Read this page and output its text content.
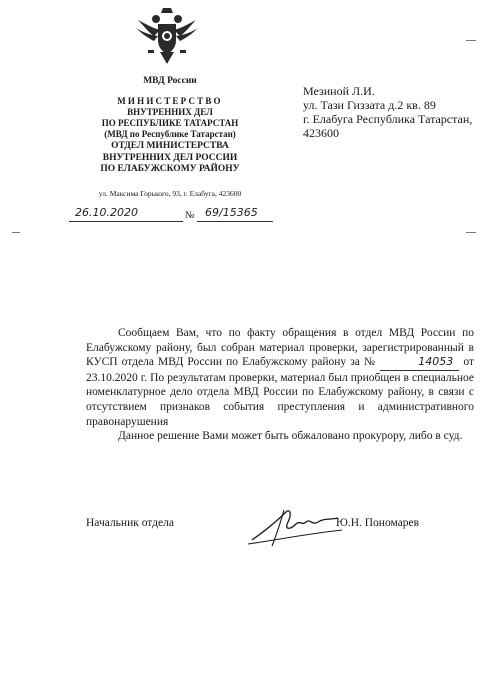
МВД России
МИНИСТЕРСТВО
ВНУТРЕННИХ ДЕЛ
ПО РЕСПУБЛИКЕ ТАТАРСТАН
(МВД по Республике Татарстан)
ОТДЕЛ МИНИСТЕРСТВА
ВНУТРЕННИХ ДЕЛ РОССИИ
ПО ЕЛАБУЖСКОМУ РАЙОНУ
ул. Максима Горького, 93, г. Елабуга, 423600
26.10.2020	№ 69/15365
Мезиной Л.И.
ул. Тази Гиззата д.2 кв. 89
г. Елабуга Республика Татарстан,
423600

Сообщаем Вам, что по факту обращения в отдел МВД России по Елабужскому району, был собран материал проверки, зарегистрированный в КУСП отдела МВД России по Елабужскому району за №	14053 от 23.10.2020 г. По результатам проверки, материал был приобщен в специальное номенклатурное дело отдела МВД России по Елабужскому району, в связи с отсутствием признаков события преступления и административного правонарушения

Данное решение Вами может быть обжаловано прокурору, либо в суд.

Начальник отдела	Ю.Н. Пономарев
